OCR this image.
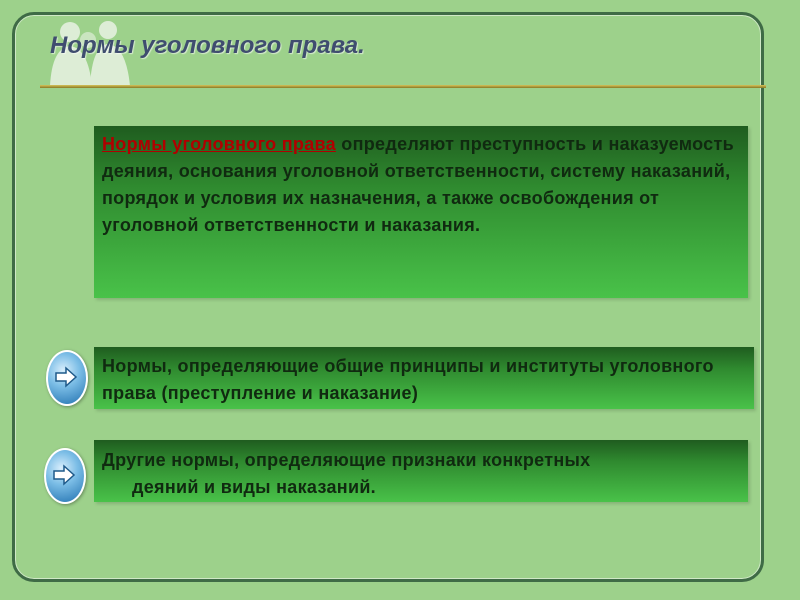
Нормы уголовного права.
Нормы уголовного права определяют преступность и наказуемость деяния, основания уголовной ответственности, систему наказаний, порядок и условия их назначения, а также освобождения от уголовной ответственности и наказания.
Нормы, определяющие общие принципы и институты уголовного права (преступление и наказание)
Другие нормы, определяющие признаки конкретных
деяний и виды наказаний.
